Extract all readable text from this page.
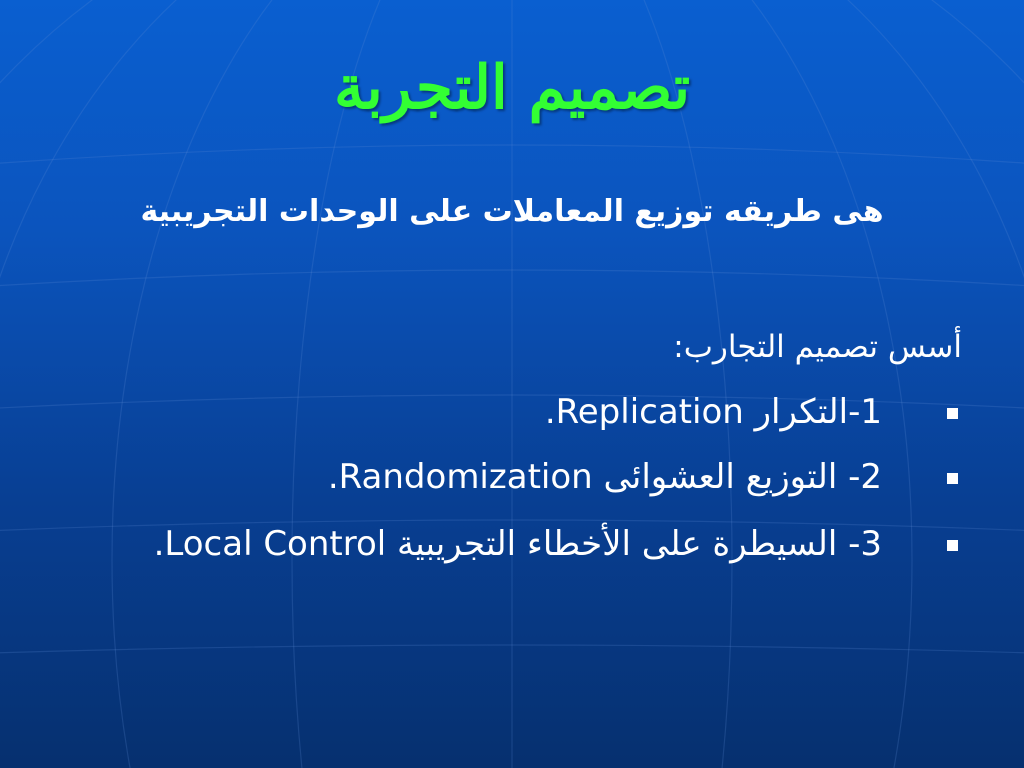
تصميم التجربة
هى طريقه توزيع المعاملات على الوحدات التجريبية
أسس تصميم التجارب:
1-التكرار Replication.
2- التوزيع العشوائى Randomization.
3- السيطرة على الأخطاء التجريبية Local Control.
